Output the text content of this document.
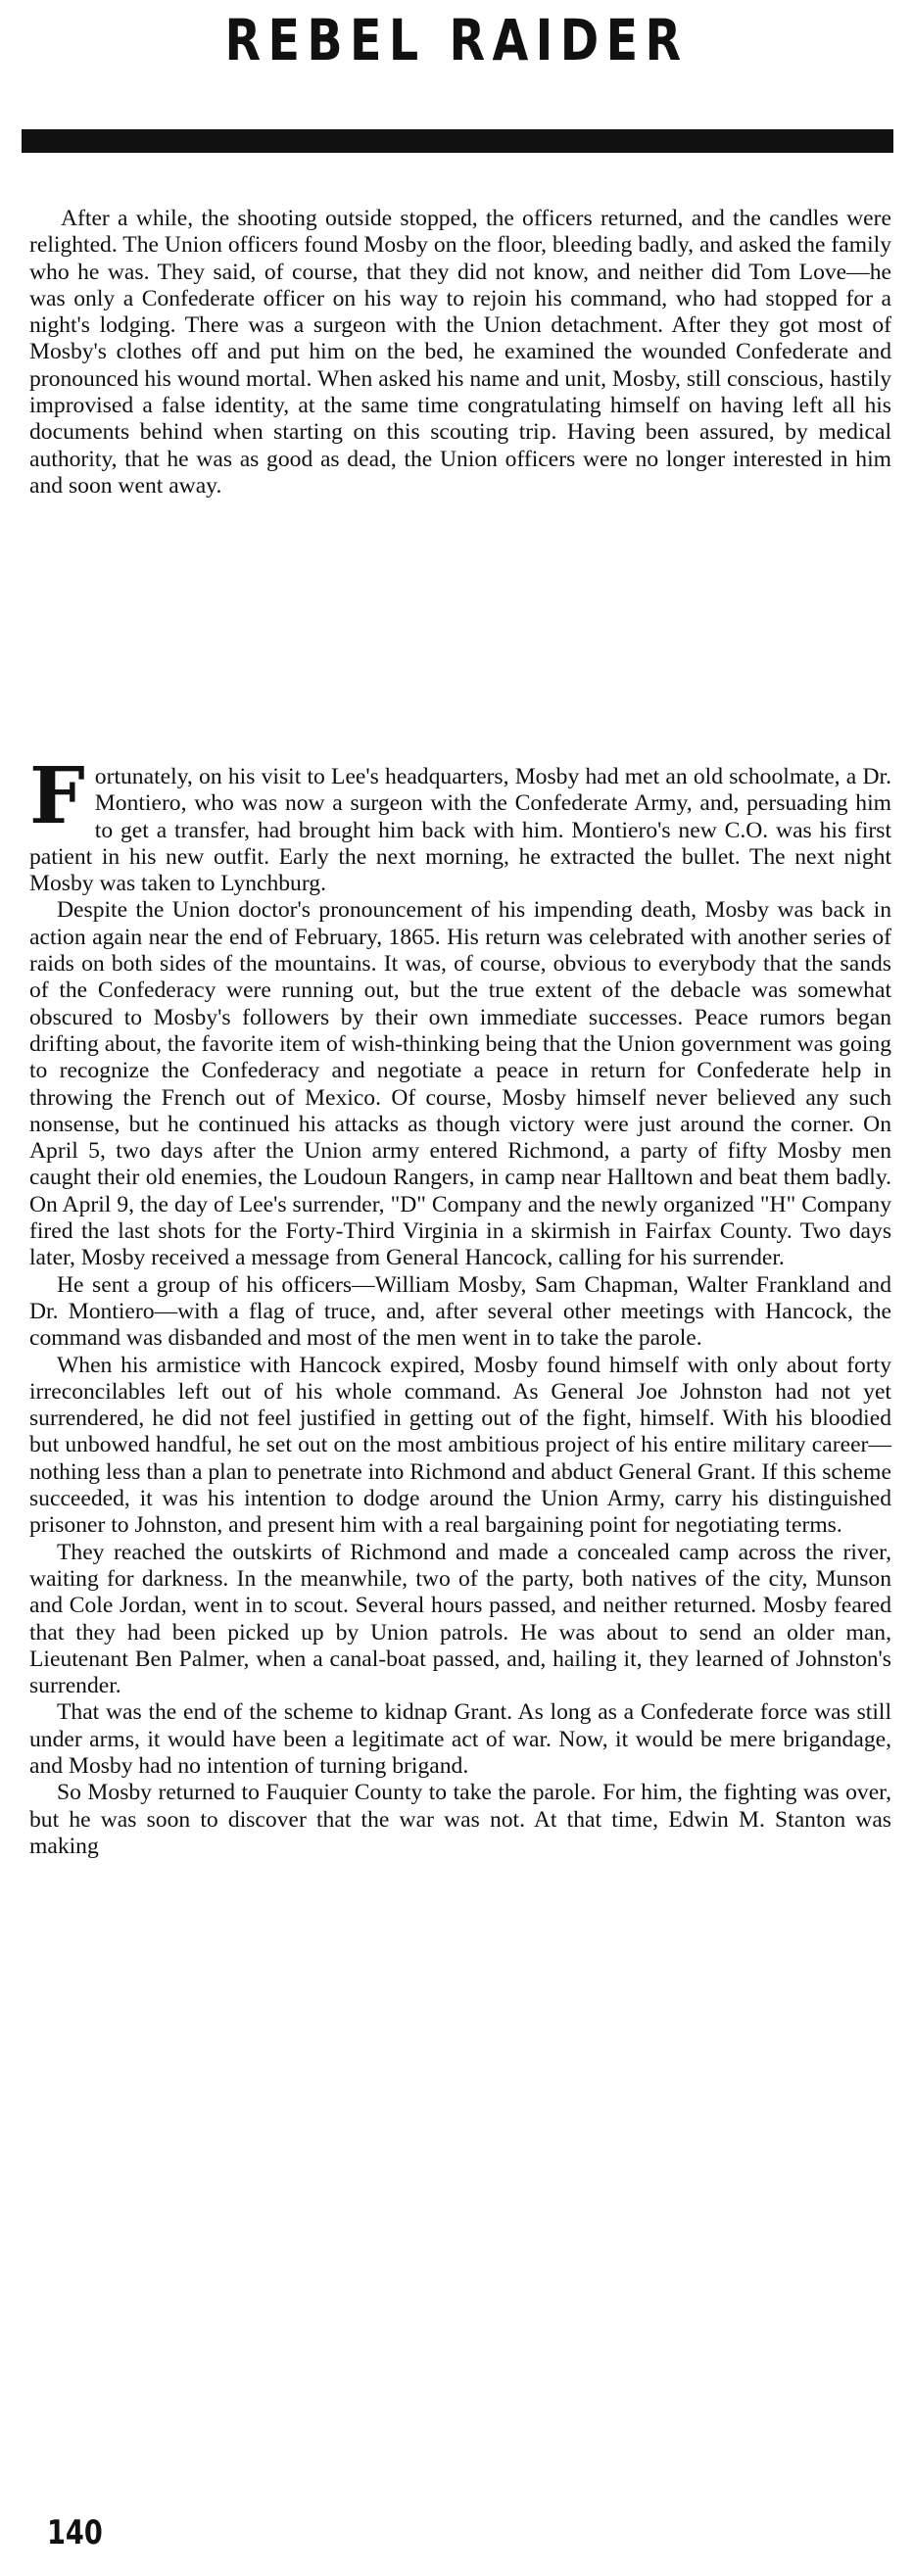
REBEL RAIDER

After a while, the shooting outside stopped, the officers returned, and the candles were relighted. The Union officers found Mosby on the floor, bleeding badly, and asked the family who he was. They said, of course, that they did not know, and neither did Tom Love—he was only a Confederate officer on his way to rejoin his command, who had stopped for a night's lodging. There was a surgeon with the Union detachment. After they got most of Mosby's clothes off and put him on the bed, he examined the wounded Confederate and pronounced his wound mortal. When asked his name and unit, Mosby, still conscious, hastily improvised a false identity, at the same time congratulating himself on having left all his documents behind when starting on this scouting trip. Having been assured, by medical authority, that he was as good as dead, the Union officers were no longer interested in him and soon went away.

Fortunately, on his visit to Lee's headquarters, Mosby had met an old schoolmate, a Dr. Montiero, who was now a surgeon with the Confederate Army, and, persuading him to get a transfer, had brought him back with him. Montiero's new C.O. was his first patient in his new outfit. Early the next morning, he extracted the bullet. The next night Mosby was taken to Lynchburg.

Despite the Union doctor's pronouncement of his impending death, Mosby was back in action again near the end of February, 1865. His return was celebrated with another series of raids on both sides of the mountains. It was, of course, obvious to everybody that the sands of the Confederacy were running out, but the true extent of the debacle was somewhat obscured to Mosby's followers by their own immediate successes. Peace rumors began drifting about, the favorite item of wish-thinking being that the Union government was going to recognize the Confederacy and negotiate a peace in return for Confederate help in throwing the French out of Mexico. Of course, Mosby himself never believed any such nonsense, but he continued his attacks as though victory were just around the corner. On April 5, two days after the Union army entered Richmond, a party of fifty Mosby men caught their old enemies, the Loudoun Rangers, in camp near Halltown and beat them badly. On April 9, the day of Lee's surrender, "D" Company and the newly organized "H" Company fired the last shots for the Forty-Third Virginia in a skirmish in Fairfax County. Two days later, Mosby received a message from General Hancock, calling for his surrender.

He sent a group of his officers—William Mosby, Sam Chapman, Walter Frankland and Dr. Montiero—with a flag of truce, and, after several other meetings with Hancock, the command was disbanded and most of the men went in to take the parole.

When his armistice with Hancock expired, Mosby found himself with only about forty irreconcilables left out of his whole command. As General Joe Johnston had not yet surrendered, he did not feel justified in getting out of the fight, himself. With his bloodied but unbowed handful, he set out on the most ambitious project of his entire military career—nothing less than a plan to penetrate into Richmond and abduct General Grant. If this scheme succeeded, it was his intention to dodge around the Union Army, carry his distinguished prisoner to Johnston, and present him with a real bargaining point for negotiating terms.

They reached the outskirts of Richmond and made a concealed camp across the river, waiting for darkness. In the meanwhile, two of the party, both natives of the city, Munson and Cole Jordan, went in to scout. Several hours passed, and neither returned. Mosby feared that they had been picked up by Union patrols. He was about to send an older man, Lieutenant Ben Palmer, when a canal-boat passed, and, hailing it, they learned of Johnston's surrender.

That was the end of the scheme to kidnap Grant. As long as a Confederate force was still under arms, it would have been a legitimate act of war. Now, it would be mere brigandage, and Mosby had no intention of turning brigand.

So Mosby returned to Fauquier County to take the parole. For him, the fighting was over, but he was soon to discover that the war was not. At that time, Edwin M. Stanton was making

140
